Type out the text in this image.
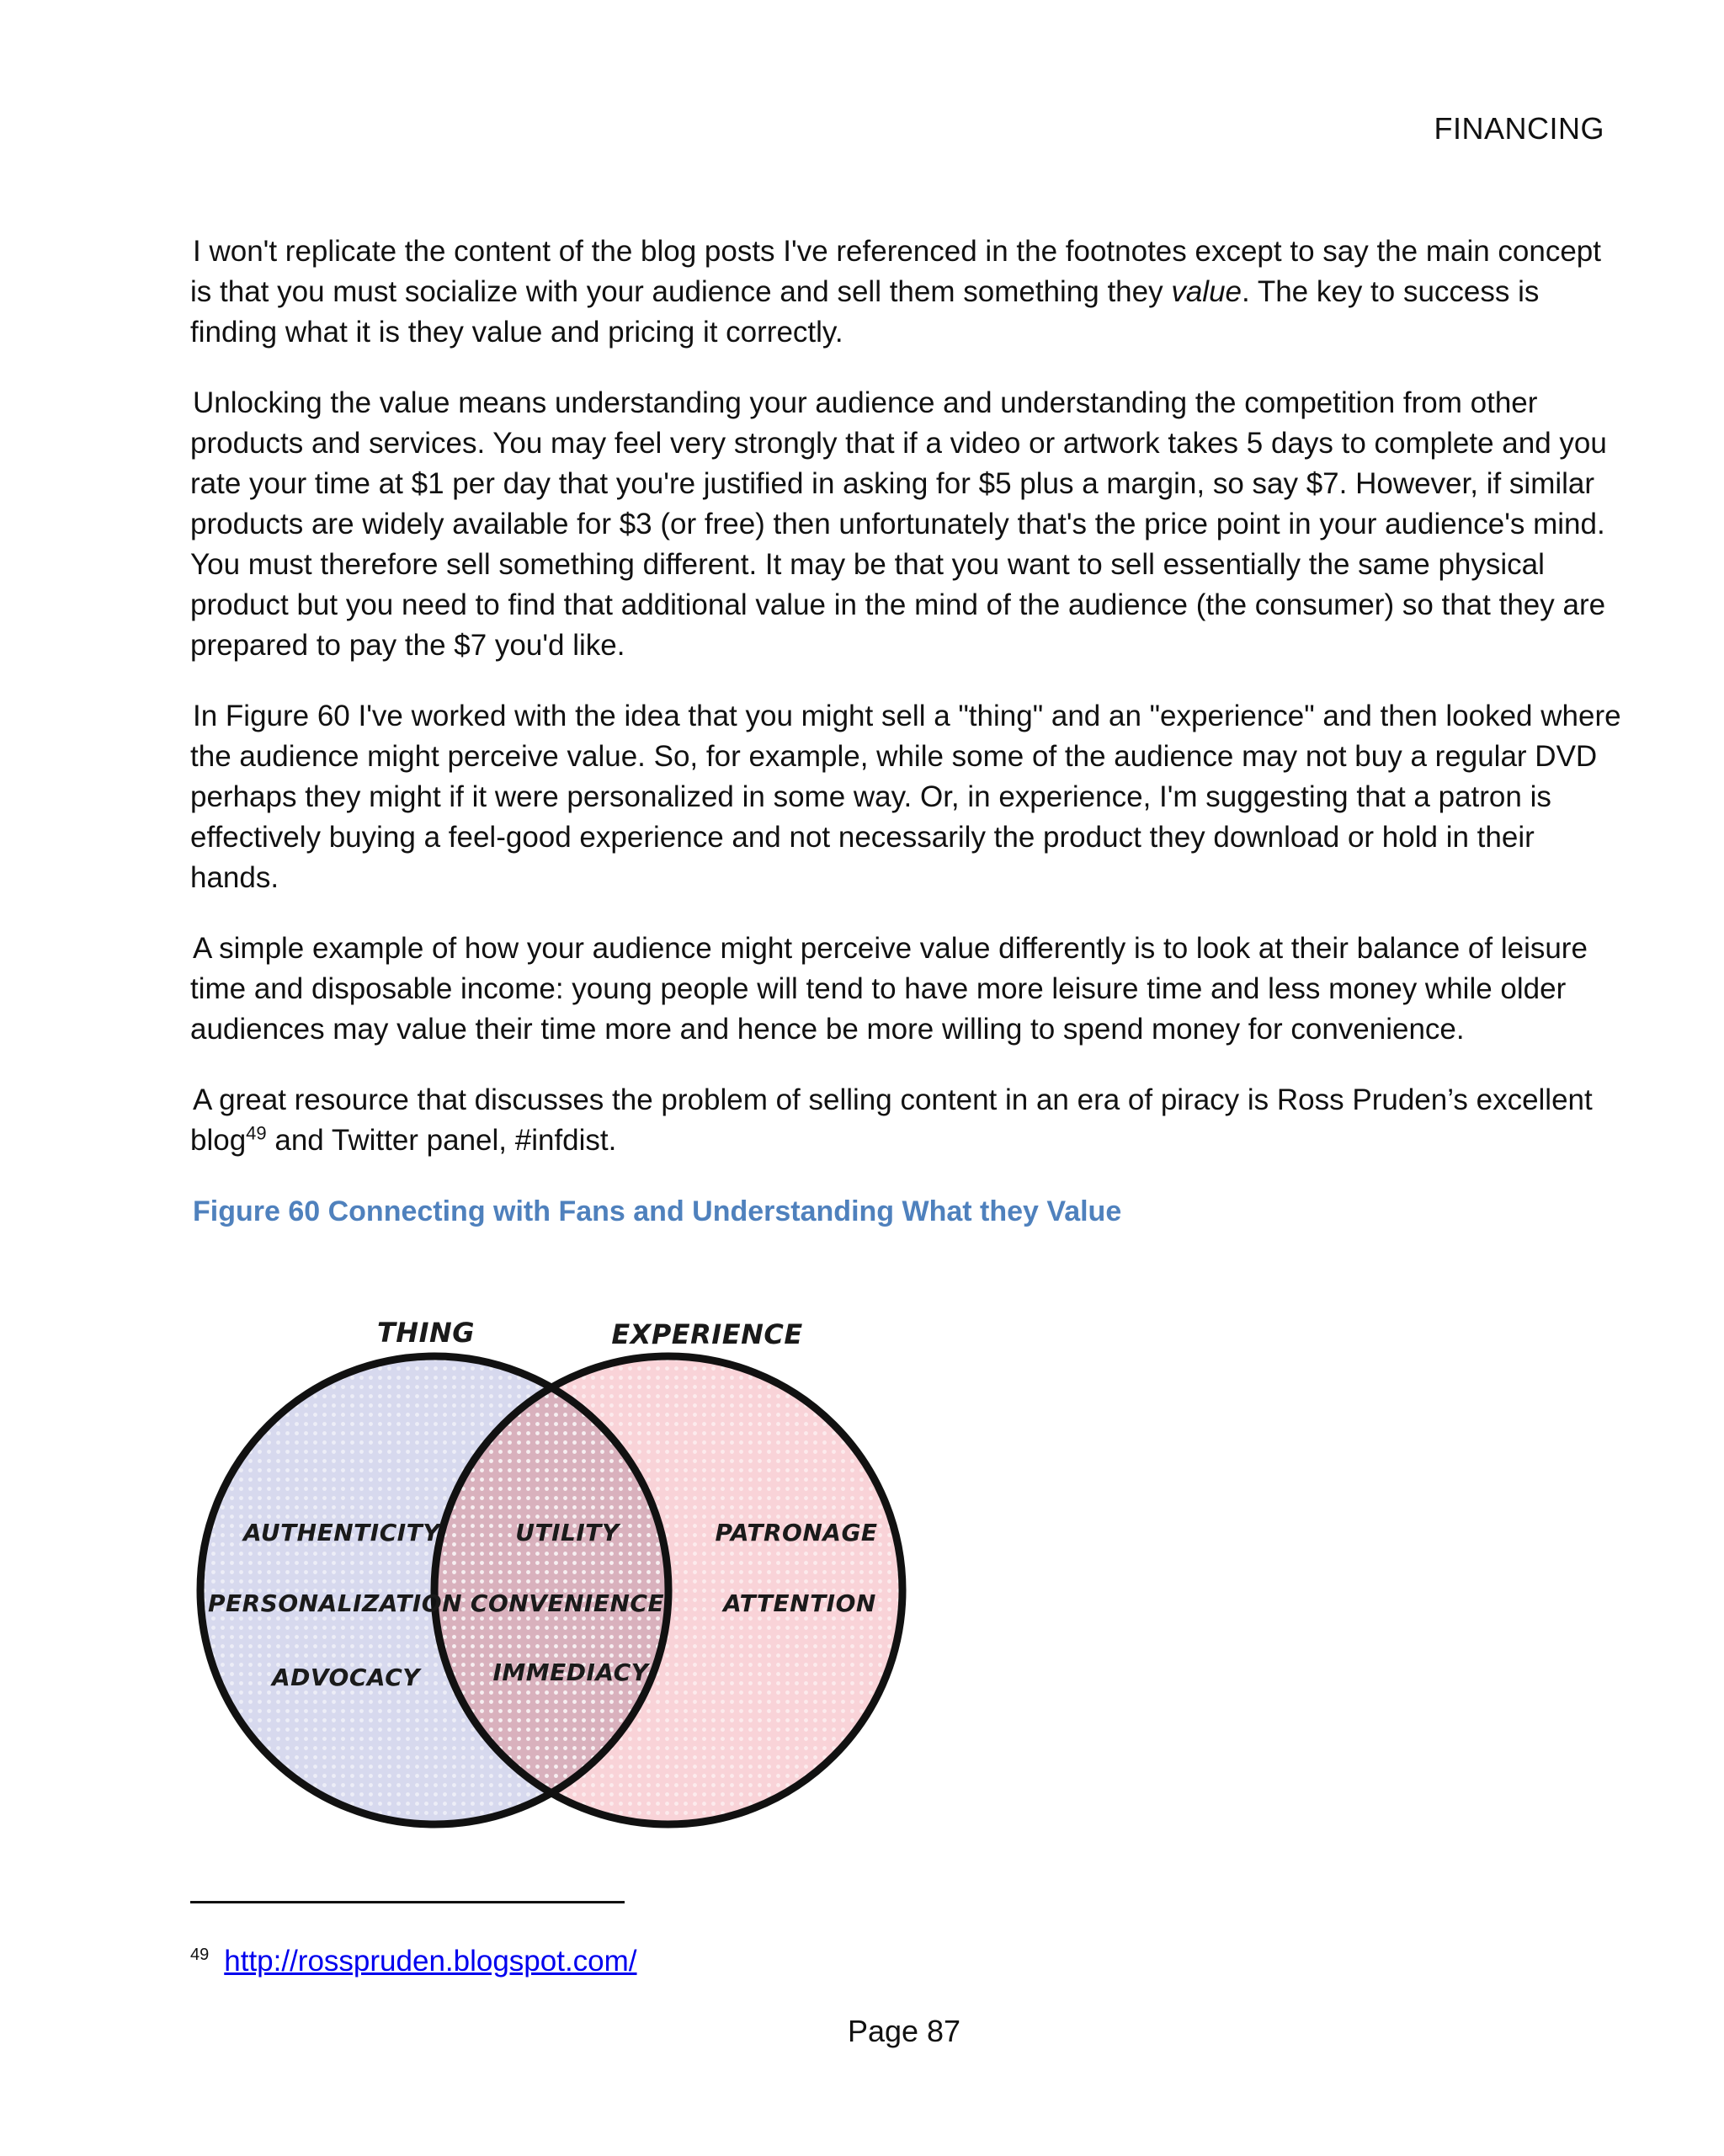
FINANCING

I won't replicate the content of the blog posts I've referenced in the footnotes except to say the main concept is that you must socialize with your audience and sell them something they value. The key to success is finding what it is they value and pricing it correctly.

Unlocking the value means understanding your audience and understanding the competition from other products and services. You may feel very strongly that if a video or artwork takes 5 days to complete and you rate your time at $1 per day that you're justified in asking for $5 plus a margin, so say $7. However, if similar products are widely available for $3 (or free) then unfortunately that's the price point in your audience's mind. You must therefore sell something different. It may be that you want to sell essentially the same physical product but you need to find that additional value in the mind of the audience (the consumer) so that they are prepared to pay the $7 you'd like.

In Figure 60 I've worked with the idea that you might sell a "thing" and an "experience" and then looked where the audience might perceive value. So, for example, while some of the audience may not buy a regular DVD perhaps they might if it were personalized in some way. Or, in experience, I'm suggesting that a patron is effectively buying a feel-good experience and not necessarily the product they download or hold in their hands.

A simple example of how your audience might perceive value differently is to look at their balance of leisure time and disposable income: young people will tend to have more leisure time and less money while older audiences may value their time more and hence be more willing to spend money for convenience.

A great resource that discusses the problem of selling content in an era of piracy is Ross Pruden’s excellent blog$^{49}$ and Twitter panel, #infdist.

Figure 60 Connecting with Fans and Understanding What they Value

THING	EXPERIENCE
AUTHENTICITY
PERSONALIZATION
ADVOCACY
UTILITY
CONVENIENCE
IMMEDIACY
PATRONAGE
ATTENTION
$^{49}$ http://rosspruden.blogspot.com/
Page 87
